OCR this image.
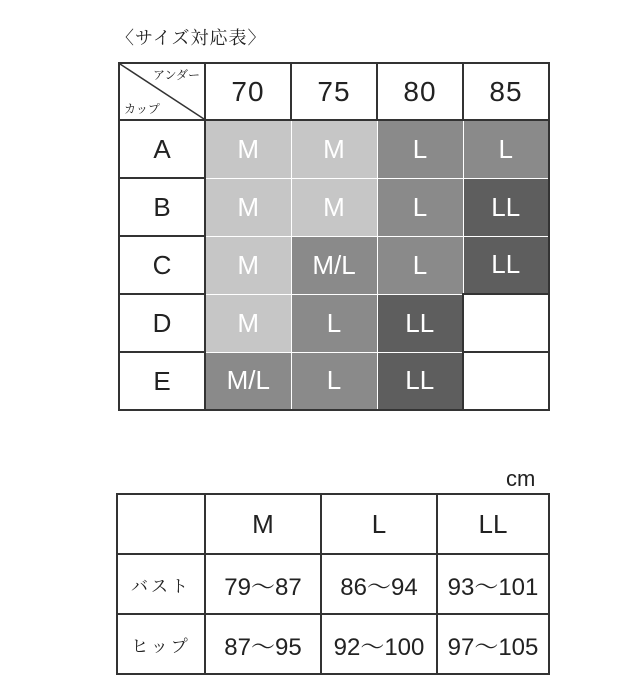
〈サイズ対応表〉
アンダー
カップ	70	75	80	85
A	M	M	L	L
B	M	M	L	LL
C	M	M/L	L	LL
D	M	L	LL	
E	M/L	L	LL	
cm
	M	L	LL
バスト	79〜87	86〜94	93〜101
ヒップ	87〜95	92〜100	97〜105
